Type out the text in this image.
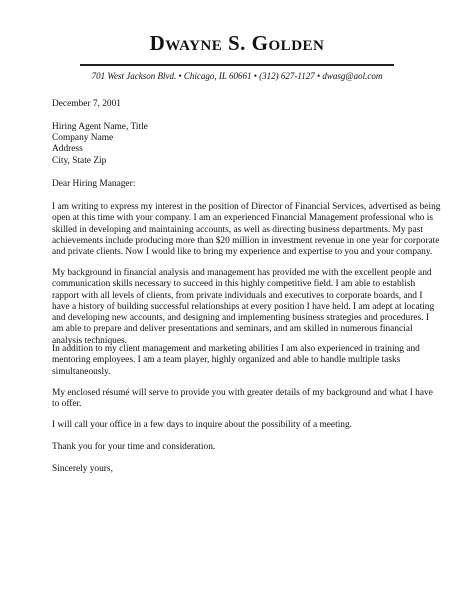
Dwayne S. Golden
701 West Jackson Blvd. • Chicago, IL 60661 • (312) 627-1127 • dwasg@aol.com
December 7, 2001
Hiring Agent Name, Title
Company Name
Address
City, State Zip
Dear Hiring Manager:
I am writing to express my interest in the position of Director of Financial Services, advertised as being open at this time with your company. I am an experienced Financial Management professional who is skilled in developing and maintaining accounts, as well as directing business departments. My past achievements include producing more than $20 million in investment revenue in one year for corporate and private clients. Now I would like to bring my experience and expertise to you and your company.
My background in financial analysis and management has provided me with the excellent people and communication skills necessary to succeed in this highly competitive field. I am able to establish rapport with all levels of clients, from private individuals and executives to corporate boards, and I have a history of building successful relationships at every position I have held. I am adept at locating and developing new accounts, and designing and implementing business strategies and procedures. I am able to prepare and deliver presentations and seminars, and am skilled in numerous financial analysis techniques.
In addition to my client management and marketing abilities I am also experienced in training and mentoring employees. I am a team player, highly organized and able to handle multiple tasks simultaneously.
My enclosed résumé will serve to provide you with greater details of my background and what I have to offer.
I will call your office in a few days to inquire about the possibility of a meeting.
Thank you for your time and consideration.
Sincerely yours,
